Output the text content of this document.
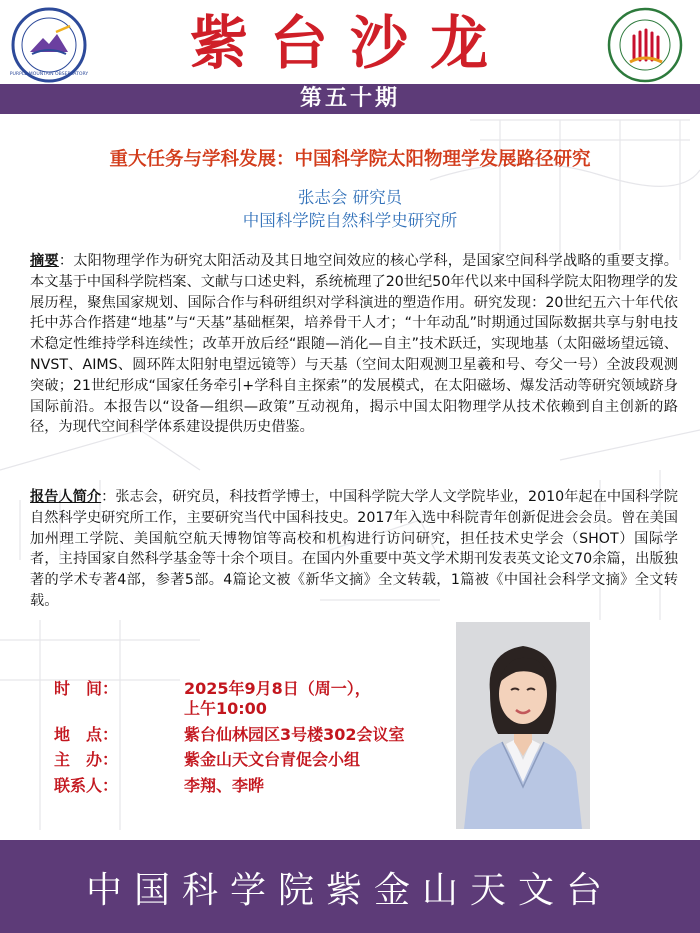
PURPLE MOUNTAIN OBSERVATORY	紫台沙龙
第五十期
重大任务与学科发展：中国科学院太阳物理学发展路径研究
张志会 研究员
中国科学院自然科学史研究所

摘要：太阳物理学作为研究太阳活动及其日地空间效应的核心学科，是国家空间科学战略的重要支撑。本文基于中国科学院档案、文献与口述史料，系统梳理了20世纪50年代以来中国科学院太阳物理学的发展历程，聚焦国家规划、国际合作与科研组织对学科演进的塑造作用。研究发现：20世纪五六十年代依托中苏合作搭建“地基”与“天基”基础框架，培养骨干人才；“十年动乱”时期通过国际数据共享与射电技术稳定性维持学科连续性；改革开放后经“跟随—消化—自主”技术跃迁，实现地基（太阳磁场望远镜、NVST、AIMS、圆环阵太阳射电望远镜等）与天基（空间太阳观测卫星羲和号、夸父一号）全波段观测突破；21世纪形成“国家任务牵引+学科自主探索”的发展模式，在太阳磁场、爆发活动等研究领域跻身国际前沿。本报告以“设备—组织—政策”互动视角，揭示中国太阳物理学从技术依赖到自主创新的路径，为现代空间科学体系建设提供历史借鉴。

报告人简介：张志会，研究员，科技哲学博士，中国科学院大学人文学院毕业，2010年起在中国科学院自然科学史研究所工作，主要研究当代中国科技史。2017年入选中科院青年创新促进会会员。曾在美国加州理工学院、美国航空航天博物馆等高校和机构进行访问研究，担任技术史学会（SHOT）国际学者，主持国家自然科学基金等十余个项目。在国内外重要中英文学术期刊发表英文论文70余篇，出版独著的学术专著4部，参著5部。4篇论文被《新华文摘》全文转载，1篇被《中国社会科学文摘》全文转载。

时　间：	2025年9月8日（周一），
上午10:00
地　点：	紫台仙林园区3号楼302会议室
主　办：	紫金山天文台青促会小组
联系人：	李翔、李晔
中国科学院紫金山天文台
